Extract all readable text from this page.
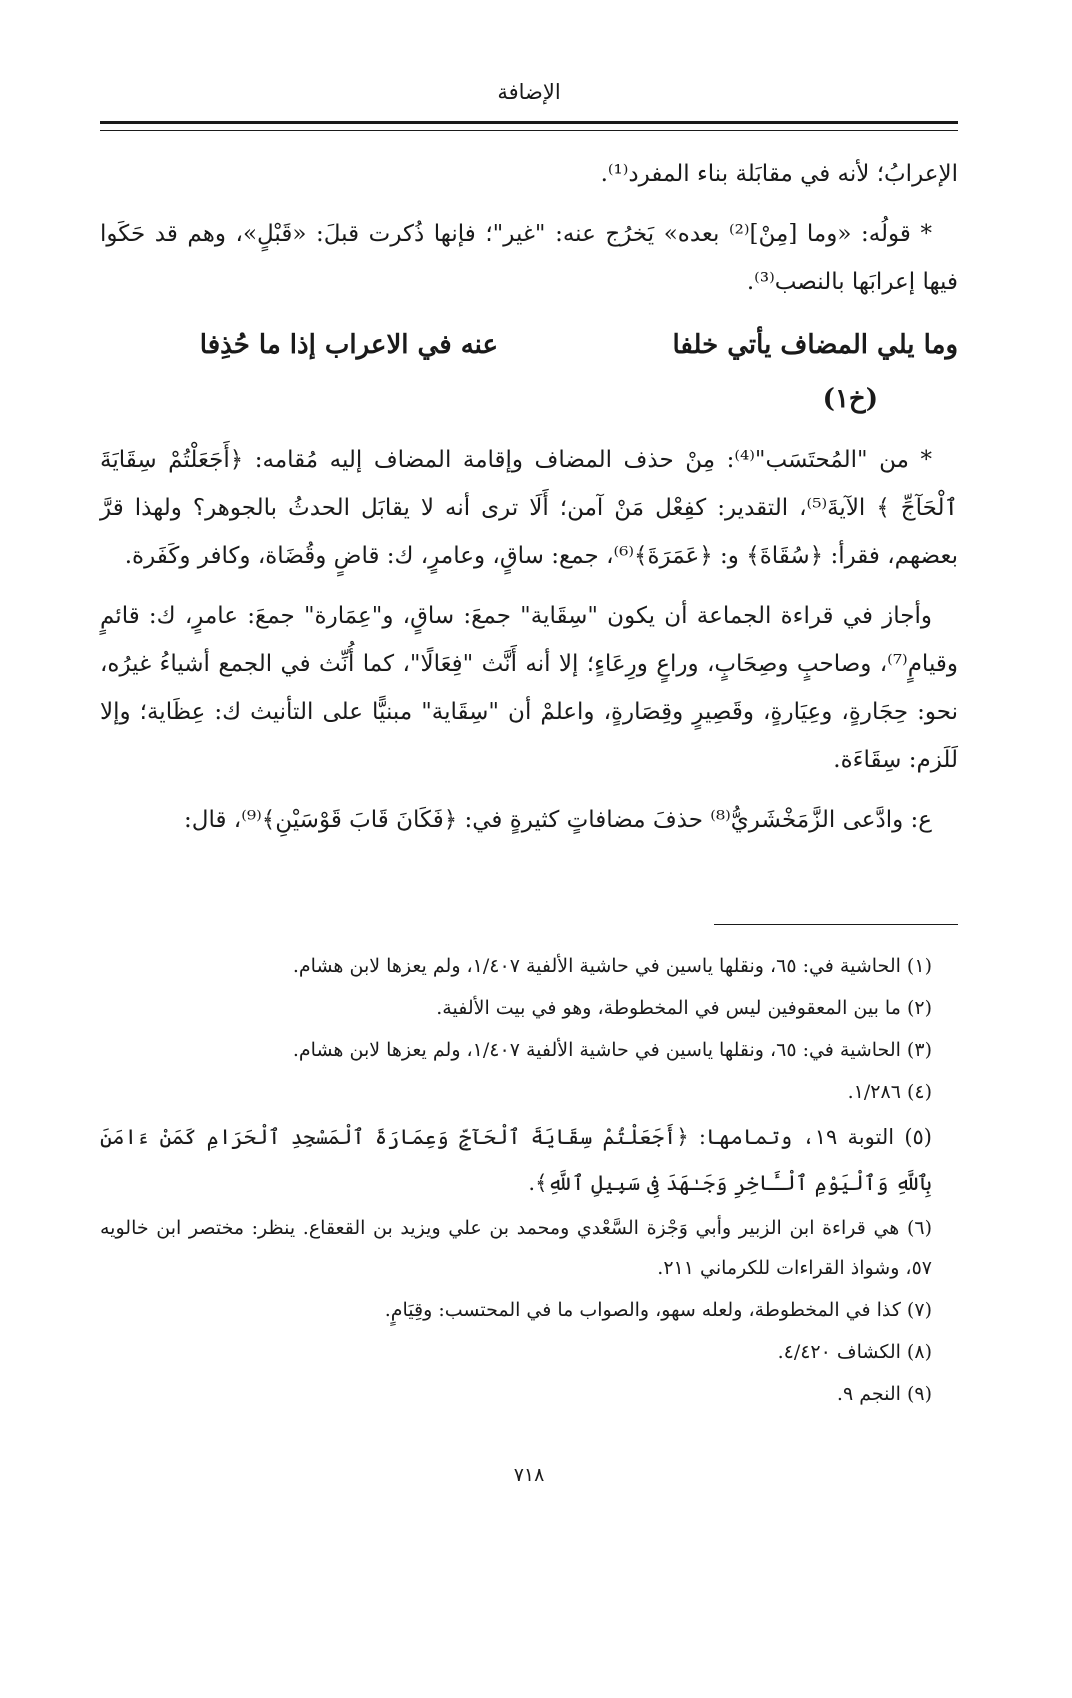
الإضافة

الإعرابُ؛ لأنه في مقابَلة بناء المفرد⁽¹⁾.

* قولُه: «وما [مِنْ]⁽²⁾ بعده» يَخرُج عنه: "غير"؛ فإنها ذُكرت قبلَ: «قَبْلٍ»، وهم قد حَكَوا فيها إعرابَها بالنصب⁽³⁾.

وما يلي المضاف يأتي خلفاعنه في الاعراب إذا ما حُذِفا
(خ١)

* من "المُحتَسَب"⁽⁴⁾: مِنْ حذف المضاف وإقامة المضاف إليه مُقامه: ﴿أَجَعَلْتُمْ سِقَايَةَ ٱلْحَآجِّ ﴾ الآيةَ⁽⁵⁾، التقدير: كفِعْل مَنْ آمن؛ أَلَا ترى أنه لا يقابَل الحدثُ بالجوهر؟ ولهذا قرَّ بعضهم، فقرأ: ﴿سُقَاةَ﴾ و: ﴿عَمَرَةَ﴾⁽⁶⁾، جمع: ساقٍ، وعامرٍ، ك: قاضٍ وقُضَاة، وكافر وكَفَرة.

وأجاز في قراءة الجماعة أن يكون "سِقَاية" جمعَ: ساقٍ، و"عِمَارة" جمعَ: عامرٍ، ك: قائمٍ وقيامٍ⁽⁷⁾، وصاحبٍ وصِحَابٍ، وراعٍ ورِعَاءٍ؛ إلا أنه أَنَّث "فِعَالًا"، كما أُنِّث في الجمع أشياءُ غيرُه، نحو: حِجَارةٍ، وعِيَارةٍ، وقَصِيرٍ وقِصَارةٍ، واعلمْ أن "سِقَاية" مبنيًّا على التأنيث ك: عِظَاية؛ وإلا لَلَزم: سِقَاءَة.

ع: وادَّعى الزَّمَخْشَريُّ⁽⁸⁾ حذفَ مضافاتٍ كثيرةٍ في: ﴿فَكَانَ قَابَ قَوْسَيْنِ﴾⁽⁹⁾، قال:

(١) الحاشية في: ٦٥، ونقلها ياسين في حاشية الألفية ١/٤٠٧، ولم يعزها لابن هشام.
(٢) ما بين المعقوفين ليس في المخطوطة، وهو في بيت الألفية.
(٣) الحاشية في: ٦٥، ونقلها ياسين في حاشية الألفية ١/٤٠٧، ولم يعزها لابن هشام.
(٤) ١/٢٨٦.
(٥) التوبة ١٩، وتمامها: ﴿أَجَعَلْتُمْ سِقَايَةَ ٱلْحَآجِّ وَعِمَارَةَ ٱلْمَسْجِدِ ٱلْحَرَامِ كَمَنْ ءَامَنَ بِٱللَّهِ وَٱلْيَوْمِ ٱلْـَٔاخِرِ وَجَـٰهَدَ فِى سَبِيلِ ٱللَّهِ﴾.
(٦) هي قراءة ابن الزبير وأبي وَجْزة السَّعْدي ومحمد بن علي ويزيد بن القعقاع. ينظر: مختصر ابن خالويه ٥٧، وشواذ القراءات للكرماني ٢١١.
(٧) كذا في المخطوطة، ولعله سهو، والصواب ما في المحتسب: وقِيَامٍ.
(٨) الكشاف ٤/٤٢٠.
(٩) النجم ٩.
٧١٨
